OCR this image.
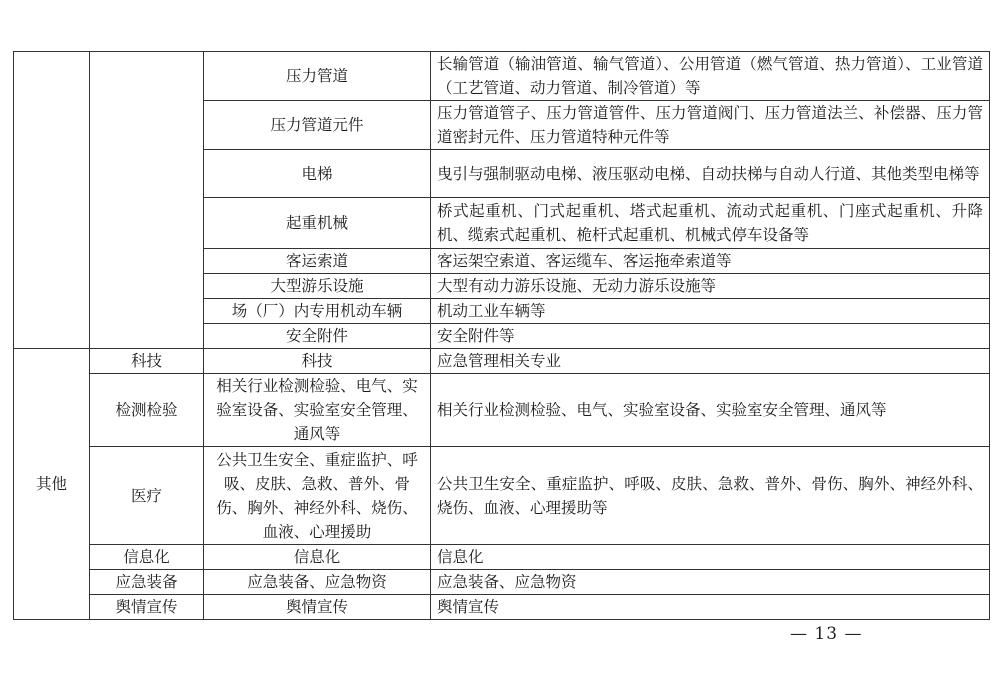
		压力管道	长输管道（输油管道、输气管道）、公用管道（燃气管道、热力管道）、工业管道（工艺管道、动力管道、制冷管道）等
		压力管道元件	压力管道管子、压力管道管件、压力管道阀门、压力管道法兰、补偿器、压力管道密封元件、压力管道特种元件等
		电梯	曳引与强制驱动电梯、液压驱动电梯、自动扶梯与自动人行道、其他类型电梯等
		起重机械	桥式起重机、门式起重机、塔式起重机、流动式起重机、门座式起重机、升降机、缆索式起重机、桅杆式起重机、机械式停车设备等
		客运索道	客运架空索道、客运缆车、客运拖牵索道等
		大型游乐设施	大型有动力游乐设施、无动力游乐设施等
		场（厂）内专用机动车辆	机动工业车辆等
		安全附件	安全附件等
其他	科技	科技	应急管理相关专业
	检测检验	相关行业检测检验、电气、实验室设备、实验室安全管理、通风等	相关行业检测检验、电气、实验室设备、实验室安全管理、通风等
	医疗	公共卫生安全、重症监护、呼吸、皮肤、急救、普外、骨伤、胸外、神经外科、烧伤、血液、心理援助	公共卫生安全、重症监护、呼吸、皮肤、急救、普外、骨伤、胸外、神经外科、烧伤、血液、心理援助等
	信息化	信息化	信息化
	应急装备	应急装备、应急物资	应急装备、应急物资
	舆情宣传	舆情宣传	舆情宣传
— 13 —
